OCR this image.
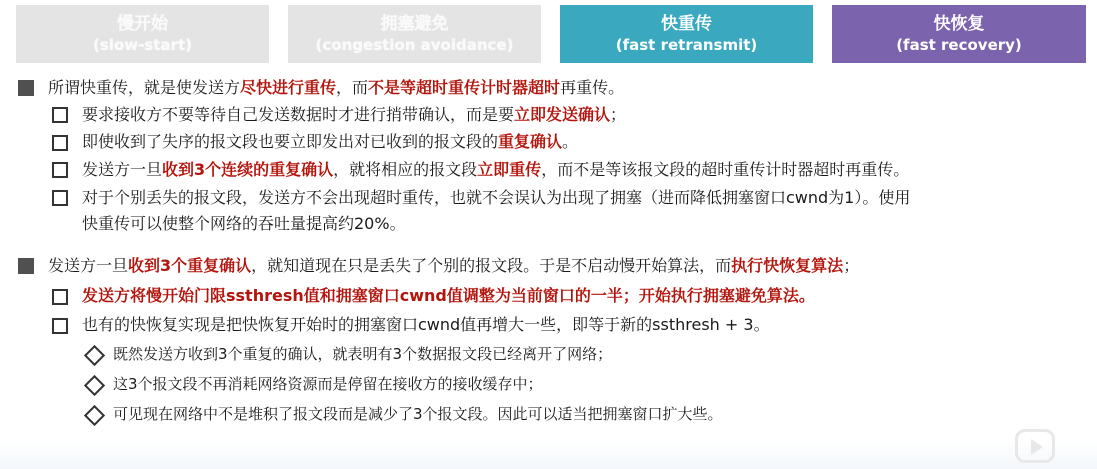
慢开始
(slow-start)
拥塞避免
(congestion avoidance)
快重传
(fast retransmit)
快恢复
(fast recovery)
所谓快重传，就是使发送方尽快进行重传，而不是等超时重传计时器超时再重传。
要求接收方不要等待自己发送数据时才进行捎带确认，而是要立即发送确认；
即使收到了失序的报文段也要立即发出对已收到的报文段的重复确认。
发送方一旦收到3个连续的重复确认，就将相应的报文段立即重传，而不是等该报文段的超时重传计时器超时再重传。
对于个别丢失的报文段，发送方不会出现超时重传，也就不会误认为出现了拥塞（进而降低拥塞窗口cwnd为1）。使用
快重传可以使整个网络的吞吐量提高约20%。
发送方一旦收到3个重复确认，就知道现在只是丢失了个别的报文段。于是不启动慢开始算法，而执行快恢复算法；
发送方将慢开始门限ssthresh值和拥塞窗口cwnd值调整为当前窗口的一半；开始执行拥塞避免算法。
也有的快恢复实现是把快恢复开始时的拥塞窗口cwnd值再增大一些，即等于新的ssthresh + 3。
既然发送方收到3个重复的确认，就表明有3个数据报文段已经离开了网络；
这3个报文段不再消耗网络资源而是停留在接收方的接收缓存中；
可见现在网络中不是堆积了报文段而是减少了3个报文段。因此可以适当把拥塞窗口扩大些。
